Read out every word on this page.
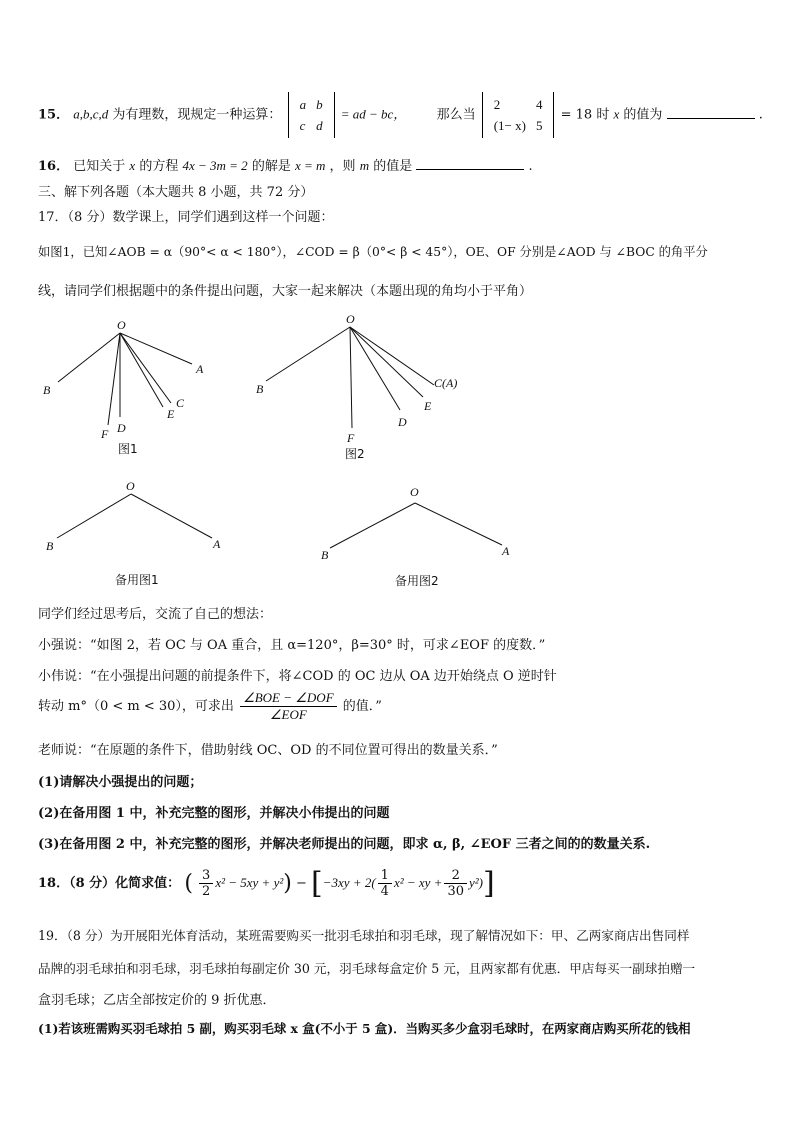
15． a,b,c,d 为有理数，现规定一种运算：
a	b
c	d
= ad − bc， 那么当
2	4
(1− x)	5
= 18 时 x 的值为	.
16． 已知关于 x 的方程 4x − 3m = 2 的解是 x = m ，则 m 的值是	.
三、解下列各题（本大题共 8 小题，共 72 分）
17．（8 分）数学课上，同学们遇到这样一个问题：
如图1，已知∠AOB = α（90°< α < 180°），∠COD = β（0°< β < 45°），OE、OF 分别是∠AOD 与 ∠BOC 的角平分
线，请同学们根据题中的条件提出问题，大家一起来解决（本题出现的角均小于平角）
O
A
B
C
D
E
F
图1
O
B	C(A)
D
E
F
图2
O
B	A
备用图1
O
B	A
备用图2
同学们经过思考后，交流了自己的想法：
小强说：“如图 2，若 OC 与 OA 重合，且 α=120°，β=30° 时，可求∠EOF 的度数．”
小伟说：“在小强提出问题的前提条件下，将∠COD 的 OC 边从 OA 边开始绕点 O 逆时针
转动 m°（0 < m < 30），可求出 $\frac{\text{∠BOE − ∠DOF}}{\text{∠EOF}}$ 的值．”
老师说：“在原题的条件下，借助射线 OC、OD 的不同位置可得出的数量关系．”
(1)请解决小强提出的问题；
(2)在备用图 1 中，补充完整的图形，并解决小伟提出的问题
(3)在备用图 2 中，补充完整的图形，并解决老师提出的问题，即求 α, β, ∠EOF 三者之间的的数量关系.
18．（8 分）化简求值： ( $\frac{3}{2} x^2 - 5xy + y^2) - [-3xy + 2( \frac{1}{4} x^2$ − xy + $\frac{2}{30} y^2$)]
19．（8 分）为开展阳光体育活动，某班需要购买一批羽毛球拍和羽毛球，现了解情况如下：甲、乙两家商店出售同样
品牌的羽毛球拍和羽毛球，羽毛球拍每副定价 30 元，羽毛球每盒定价 5 元，且两家都有优惠．甲店每买一副球拍赠一
盒羽毛球；乙店全部按定价的 9 折优惠．
(1)若该班需购买羽毛球拍 5 副，购买羽毛球 x 盒(不小于 5 盒)．当购买多少盒羽毛球时，在两家商店购买所花的钱相
